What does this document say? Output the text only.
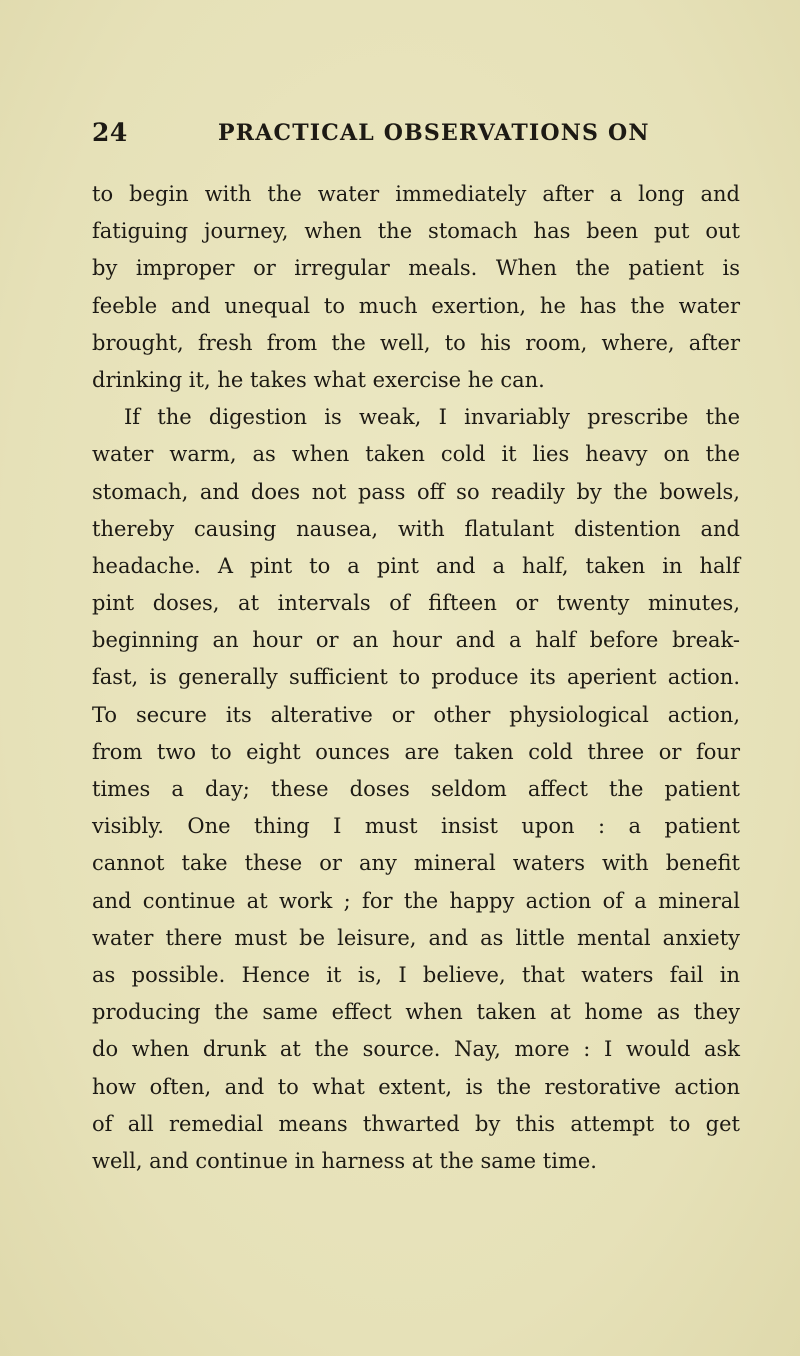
24	PRACTICAL OBSERVATIONS ON
to begin with the water immediately after a long and
fatiguing journey, when the stomach has been put out
by improper or irregular meals. When the patient is
feeble and unequal to much exertion, he has the water
brought, fresh from the well, to his room, where, after
drinking it, he takes what exercise he can.
If the digestion is weak, I invariably prescribe the
water warm, as when taken cold it lies heavy on the
stomach, and does not pass off so readily by the bowels,
thereby causing nausea, with flatulant distention and
headache. A pint to a pint and a half, taken in half
pint doses, at intervals of fifteen or twenty minutes,
beginning an hour or an hour and a half before break-
fast, is generally sufficient to produce its aperient action.
To secure its alterative or other physiological action,
from two to eight ounces are taken cold three or four
times a day; these doses seldom affect the patient
visibly. One thing I must insist upon : a patient
cannot take these or any mineral waters with benefit
and continue at work ; for the happy action of a mineral
water there must be leisure, and as little mental anxiety
as possible. Hence it is, I believe, that waters fail in
producing the same effect when taken at home as they
do when drunk at the source. Nay, more : I would ask
how often, and to what extent, is the restorative action
of all remedial means thwarted by this attempt to get
well, and continue in harness at the same time.
